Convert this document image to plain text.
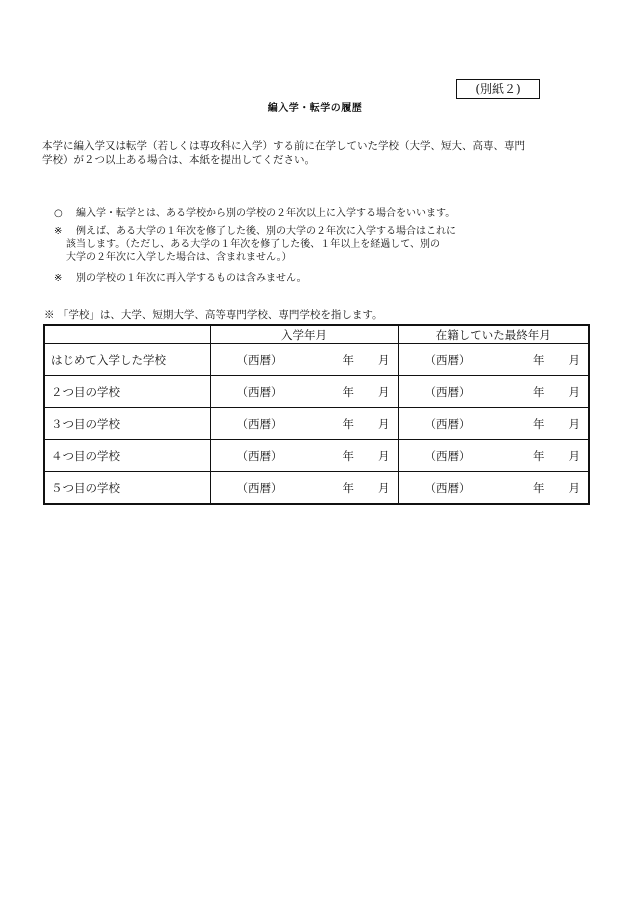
(別紙２)
編入学・転学の履歴

本学に編入学又は転学（若しくは専攻科に入学）する前に在学していた学校（大学、短大、高専、専門

学校）が２つ以上ある場合は、本紙を提出してください。

○ 編入学・転学とは、ある学校から別の学校の２年次以上に入学する場合をいいます。
※ 例えば、ある大学の１年次を修了した後、別の大学の２年次に入学する場合はこれに
該当します。（ただし、ある大学の１年次を修了した後、１年以上を経過して、別の
大学の２年次に入学した場合は、含まれません。）
※ 別の学校の１年次に再入学するものは含みません。
※ 「学校」は、大学、短期大学、高等専門学校、専門学校を指します。
	入学年月	在籍していた最終年月
はじめて入学した学校	（西暦） 年 月	（西暦） 年 月

２つ目の学校	（西暦） 年 月	（西暦） 年 月

３つ目の学校	（西暦） 年 月	（西暦） 年 月

４つ目の学校	（西暦） 年 月	（西暦） 年 月

５つ目の学校	（西暦） 年 月	（西暦） 年 月
